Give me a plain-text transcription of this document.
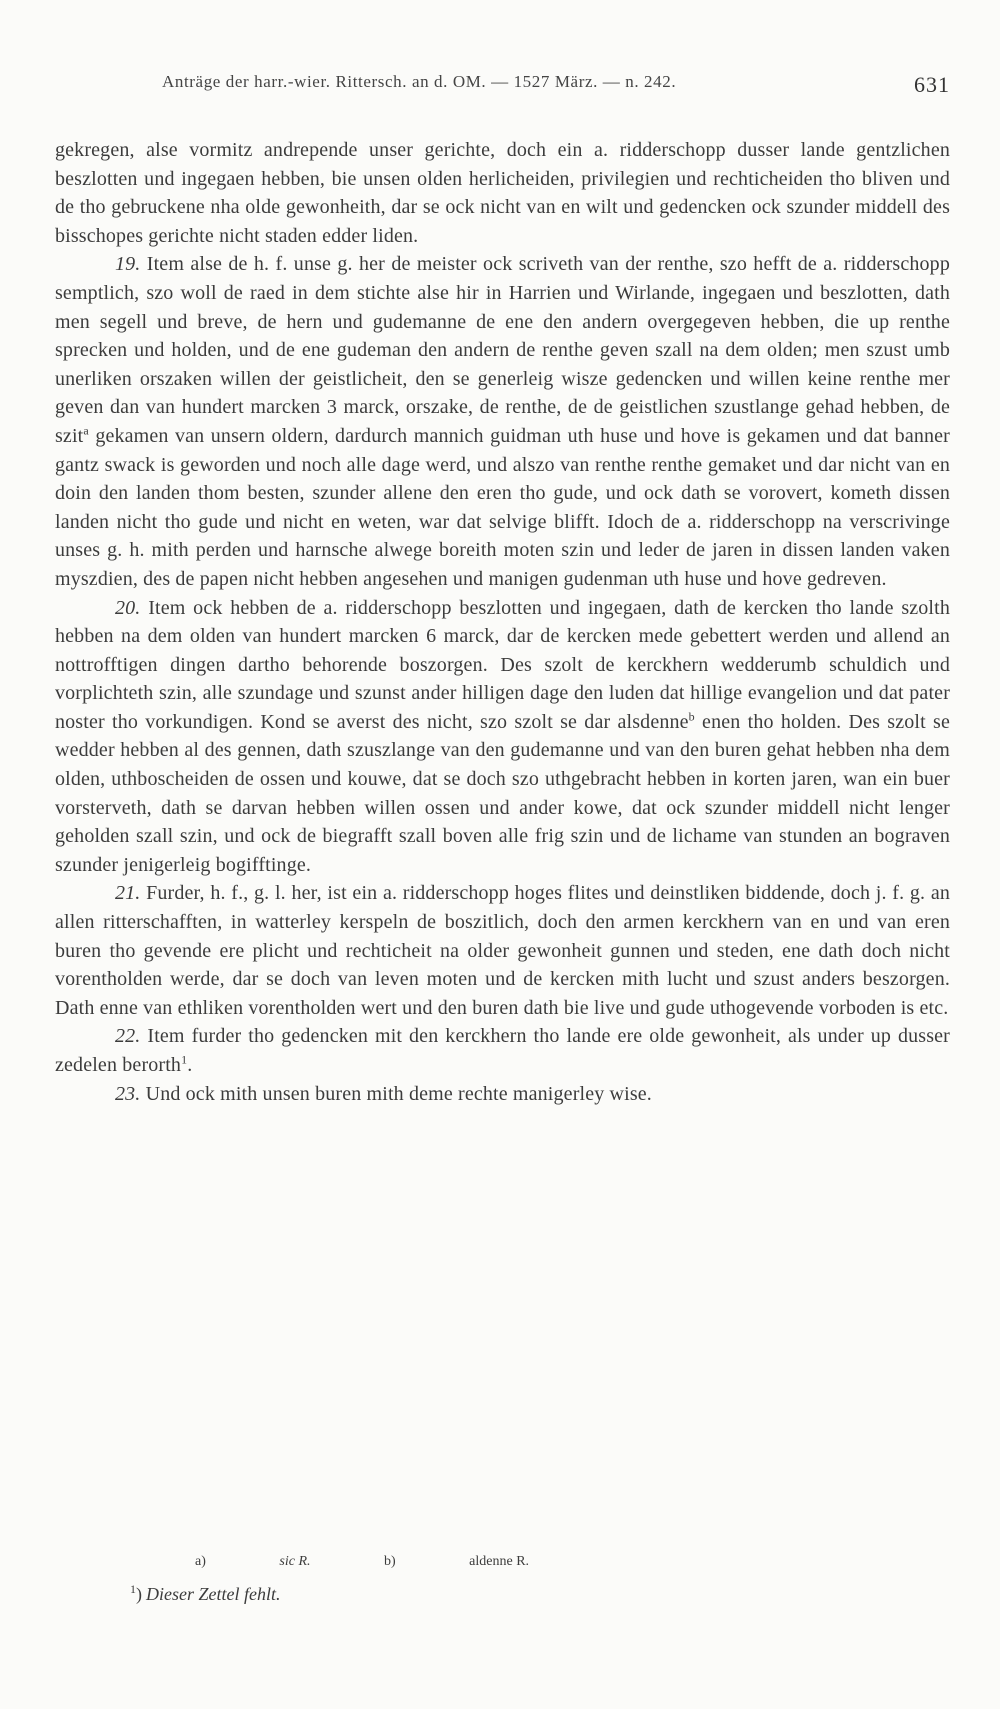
Anträge der harr.-wier. Rittersch. an d. OM. — 1527 März. — n. 242.	631

gekregen, alse vormitz andrepende unser gerichte, doch ein a. ridderschopp dusser lande gentzlichen beszlotten und ingegaen hebben, bie unsen olden herlicheiden, privilegien und rechticheiden tho bliven und de tho gebruckene nha olde gewonheith, dar se ock nicht van en wilt und gedencken ock szunder middell des bisschopes gerichte nicht staden edder liden.

19. Item alse de h. f. unse g. her de meister ock scriveth van der renthe, szo hefft de a. ridderschopp semptlich, szo woll de raed in dem stichte alse hir in Harrien und Wirlande, ingegaen und beszlotten, dath men segell und breve, de hern und gudemanne de ene den andern overgegeven hebben, die up renthe sprecken und holden, und de ene gudeman den andern de renthe geven szall na dem olden; men szust umb unerliken orszaken willen der geistlicheit, den se generleig wisze gedencken und willen keine renthe mer geven dan van hundert marcken 3 marck, orszake, de renthe, de de geistlichen szustlange gehad hebben, de szit$^a$ gekamen van unsern oldern, dardurch mannich guidman uth huse und hove is gekamen und dat banner gantz swack is geworden und noch alle dage werd, und alszo van renthe renthe gemaket und dar nicht van en doin den landen thom besten, szunder allene den eren tho gude, und ock dath se vorovert, kometh dissen landen nicht tho gude und nicht en weten, war dat selvige blifft. Idoch de a. ridderschopp na verscrivinge unses g. h. mith perden und harnsche alwege boreith moten szin und leder de jaren in dissen landen vaken myszdien, des de papen nicht hebben angesehen und manigen gudenman uth huse und hove gedreven.

20. Item ock hebben de a. ridderschopp beszlotten und ingegaen, dath de kercken tho lande szolth hebben na dem olden van hundert marcken 6 marck, dar de kercken mede gebettert werden und allend an nottrofftigen dingen dartho behorende boszorgen. Des szolt de kerckhern wedderumb schuldich und vorplichteth szin, alle szundage und szunst ander hilligen dage den luden dat hillige evangelion und dat pater noster tho vorkundigen. Kond se averst des nicht, szo szolt se dar alsdenne$^b$ enen tho holden. Des szolt se wedder hebben al des gennen, dath szuszlange van den gudemanne und van den buren gehat hebben nha dem olden, uthboscheiden de ossen und kouwe, dat se doch szo uthgebracht hebben in korten jaren, wan ein buer vorsterveth, dath se darvan hebben willen ossen und ander kowe, dat ock szunder middell nicht lenger geholden szall szin, und ock de biegrafft szall boven alle frig szin und de lichame van stunden an bograven szunder jenigerleig bogifftinge.

21. Furder, h. f., g. l. her, ist ein a. ridderschopp hoges flites und deinstliken biddende, doch j. f. g. an allen ritterschafften, in watterley kerspeln de boszitlich, doch den armen kerckhern van en und van eren buren tho gevende ere plicht und rechticheit na older gewonheit gunnen und steden, ene dath doch nicht vorentholden werde, dar se doch van leven moten und de kercken mith lucht und szust anders beszorgen. Dath enne van ethliken vorentholden wert und den buren dath bie live und gude uthogevende vorboden is etc.

22. Item furder tho gedencken mit den kerckhern tho lande ere olde gewonheit, als under up dusser zedelen berorth$^1$.

23. Und ock mith unsen buren mith deme rechte manigerley wise.

a)	sic R.	b)	aldenne R.
$^1$) Dieser Zettel fehlt.
